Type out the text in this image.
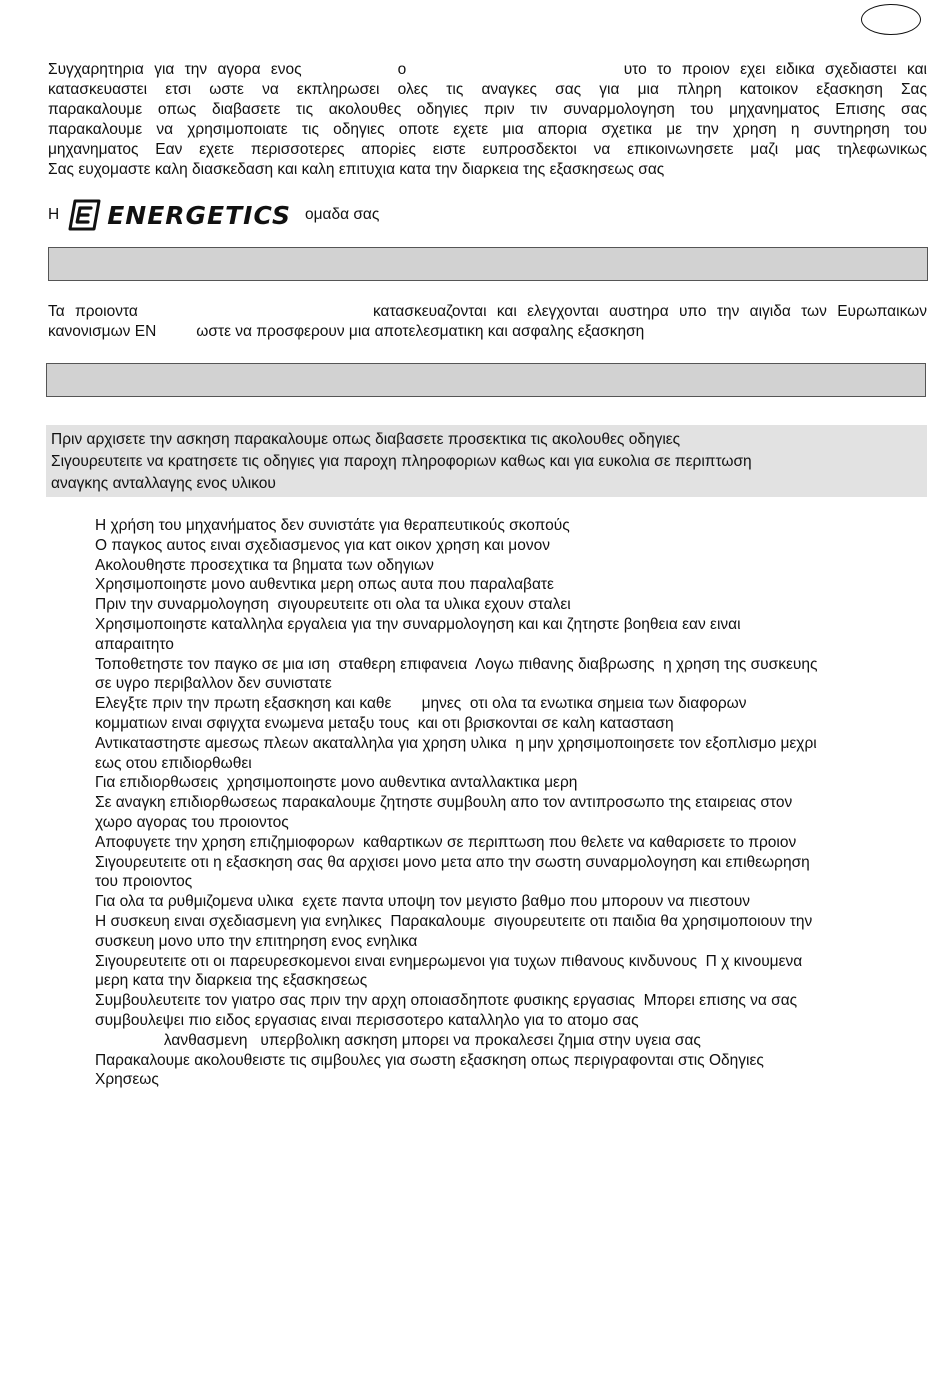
Συγχαρητηρια για την αγορα ενος	ο	υτο το προιον εχει ειδικα σχεδιαστει και
κατασκευαστει ετσι ωστε να εκπληρωσει ολες τις αναγκες σας για μια πληρη κατοικον εξασκηση Σας
παρακαλουμε οπως διαβασετε τις ακολουθες οδηγιες πριν τιν συναρμολογηση του μηχανηματος Επισης σας
παρακαλουμε να χρησιμοποιατε τις οδηγιες οποτε εχετε μια απορια σχετικα με την χρηση η συντηρηση του
μηχανηματος Εαν εχετε περισσοτερες απορiες ειστε ευπροσδεκτοι να επικοινωνησετε μαζι μας τηλεφωνικως
Σας ευχομαστε καλη διασκεδαση και καλη επιτυχια κατα την διαρκεια της εξασκησεως σας
Η ENERGETICS ομαδα σας
Τα προιοντα	κατασκευαζονται και ελεγχονται αυστηρα υπο την αιγιδα των Ευρωπαικων
κανονισμων ΕΝ	ωστε να προσφερουν μια αποτελεσματικη και ασφαλης εξασκηση
Πριν αρχισετε την ασκηση παρακαλουμε οπως διαβασετε προσεκτικα τις ακολουθες οδηγιες
Σιγουρευτειτε να κρατησετε τις οδηγιες για παροχη πληροφοριων καθως και για ευκολια σε περιπτωση
αναγκης ανταλλαγης ενος υλικου
Η χρήση του μηχανήματος δεν συνιστάτε για θεραπευτικούς σκοπούς
Ο παγκος αυτος ειναι σχεδιασμενος για κατ οικον χρηση και μονον
Ακολουθηστε προσεχτικα τα βηματα των οδηγιων
Χρησιμοποιηστε μονο αυθεντικα μερη οπως αυτα που παραλαβατε
Πριν την συναρμολογηση  σιγουρευτειτε οτι ολα τα υλικα εχουν σταλει
Χρησιμοποιηστε καταλληλα εργαλεια για την συναρμολογηση και και ζητηστε βοηθεια εαν ειναι
απαραιτητο
Τοποθετηστε τον παγκο σε μια ιση  σταθερη επιφανεια  Λογω πιθανης διαβρωσης  η χρηση της συσκευης
σε υγρο περιβαλλον δεν συνιστατε
Ελεγξτε πριν την πρωτη εξασκηση και καθε       μηνες  οτι ολα τα ενωτικα σημεια των διαφορων
κομματιων ειναι σφιγχτα ενωμενα μεταξυ τους  και οτι βρισκονται σε καλη κατασταση
Αντικαταστηστε αμεσως πλεων ακαταλληλα για χρηση υλικα  η μην χρησιμοποιησετε τον εξοπλισμο μεχρι
εως οτου επιδιορθωθει
Για επιδιορθωσεις  χρησιμοποιηστε μονο αυθεντικα ανταλλακτικα μερη
Σε αναγκη επιδιορθωσεως παρακαλουμε ζητηστε συμβουλη απο τον αντιπροσωπο της εταιρειας στον
χωρο αγορας του προιοντος
Αποφυγετε την χρηση επιζημιοφορων  καθαρτικων σε περιπτωση που θελετε να καθαρισετε το προιον
Σιγουρευτειτε οτι η εξασκηση σας θα αρχισει μονο μετα απο την σωστη συναρμολογηση και επιθεωρηση
του προιοντος
Για ολα τα ρυθμιζομενα υλικα  εχετε παντα υποψη τον μεγιστο βαθμο που μπορουν να πιεστουν
Η συσκευη ειναι σχεδιασμενη για ενηλικες  Παρακαλουμε  σιγουρευτειτε οτι παιδια θα χρησιμοποιουν την
συσκευη μονο υπο την επιτηρηση ενος ενηλικα
Σιγουρευτειτε οτι οι παρευρεσκομενοι ειναι ενημερωμενοι για τυχων πιθανους κινδυνους  Π χ κινουμενα
μερη κατα την διαρκεια της εξασκησεως
Συμβουλευτειτε τον γιατρο σας πριν την αρχη οποιασδηποτε φυσικης εργασιας  Μπορει επισης να σας
συμβουλεψει πιο ειδος εργασιας ειναι περισσοτερο καταλληλο για το ατομο σας
λανθασμενη   υπερβολικη ασκηση μπορει να προκαλεσει ζημια στην υγεια σας
Παρακαλουμε ακολουθειστε τις σιμβουλες για σωστη εξασκηση οπως περιγραφονται στις Οδηγιες
Χρησεως
